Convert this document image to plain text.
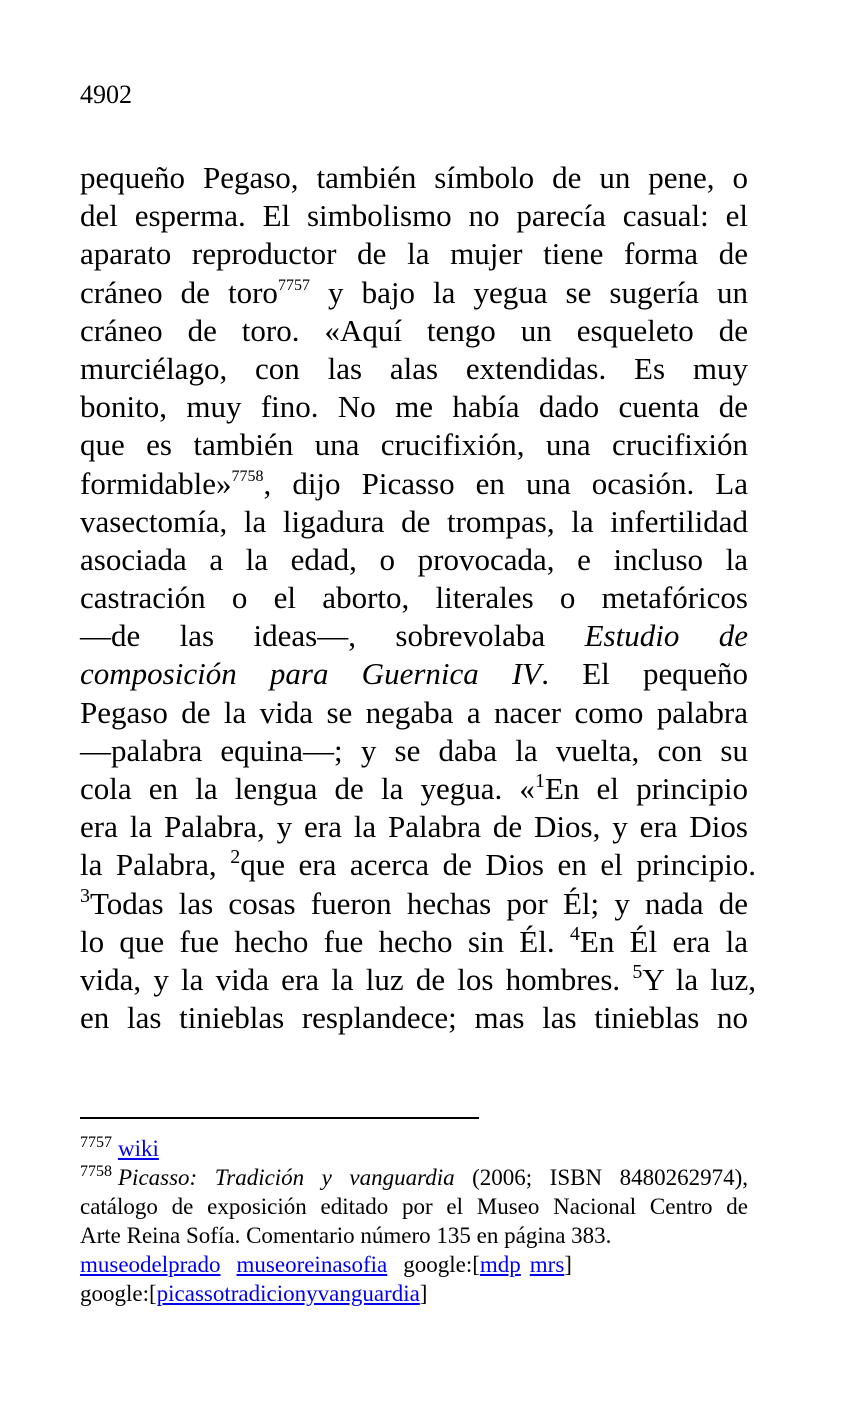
4902
pequeño Pegaso, también símbolo de un pene, o
del esperma. El simbolismo no parecía casual: el
aparato reproductor de la mujer tiene forma de
cráneo de toro$^{7757}$ y bajo la yegua se sugería un
cráneo de toro. «Aquí tengo un esqueleto de
murciélago, con las alas extendidas. Es muy
bonito, muy fino. No me había dado cuenta de
que es también una crucifixión, una crucifixión
formidable»$^{7758}$, dijo Picasso en una ocasión. La
vasectomía, la ligadura de trompas, la infertilidad
asociada a la edad, o provocada, e incluso la
castración o el aborto, literales o metafóricos
—de las ideas—, sobrevolaba Estudio de
composición para Guernica IV. El pequeño
Pegaso de la vida se negaba a nacer como palabra
—palabra equina—; y se daba la vuelta, con su
cola en la lengua de la yegua. «$^1$En el principio
era la Palabra, y era la Palabra de Dios, y era Dios
la Palabra, $^2$que era acerca de Dios en el principio.
$^3$Todas las cosas fueron hechas por Él; y nada de
lo que fue hecho fue hecho sin Él. $^4$En Él era la
vida, y la vida era la luz de los hombres. $^5$Y la luz,
en las tinieblas resplandece; mas las tinieblas no
$^{7757}$ wiki
$^{7758}$ Picasso: Tradición y vanguardia (2006; ISBN 8480262974),
catálogo de exposición editado por el Museo Nacional Centro de
Arte Reina Sofía. Comentario número 135 en página 383.
museodelprado museoreinasofia google:[mdp mrs]
google:[picassotradicionyvanguardia]
